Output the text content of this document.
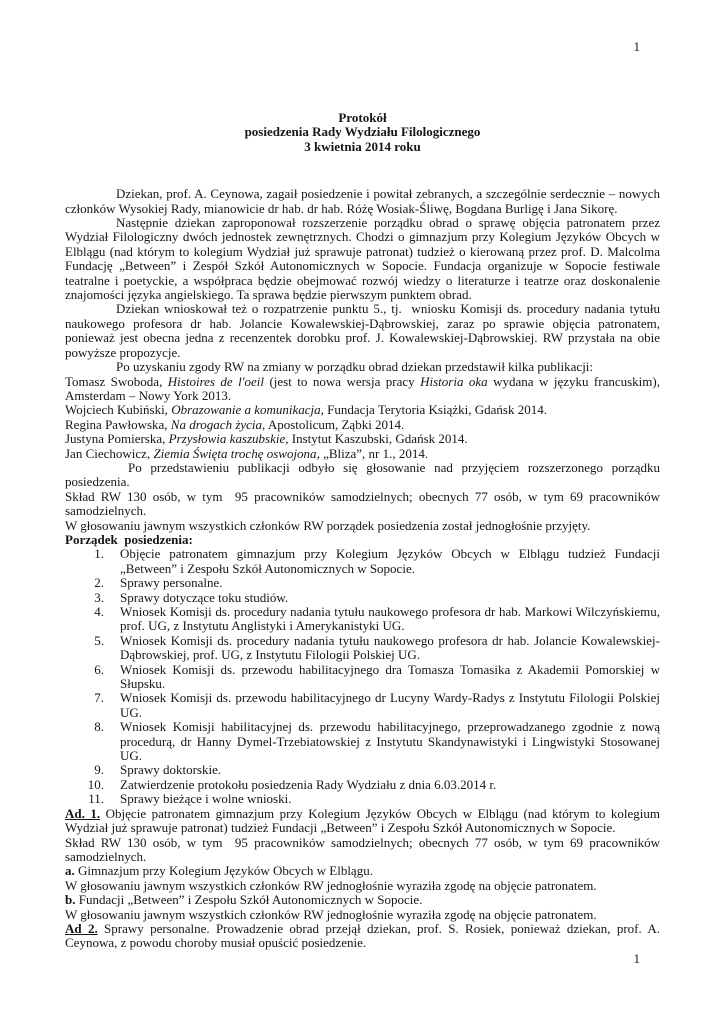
1
Protokół
posiedzenia Rady Wydziału Filologicznego
3 kwietnia 2014 roku

Dziekan, prof. A. Ceynowa, zagaił posiedzenie i powitał zebranych, a szczególnie serdecznie – nowych członków Wysokiej Rady, mianowicie dr hab. dr hab. Różę Wosiak-Śliwę, Bogdana Burligę i Jana Sikorę.

Następnie dziekan zaproponował rozszerzenie porządku obrad o sprawę objęcia patronatem przez Wydział Filologiczny dwóch jednostek zewnętrznych. Chodzi o gimnazjum przy Kolegium Języków Obcych w Elblągu (nad którym to kolegium Wydział już sprawuje patronat) tudzież o kierowaną przez prof. D. Malcolma Fundację „Between” i Zespół Szkół Autonomicznych w Sopocie. Fundacja organizuje w Sopocie festiwale teatralne i poetyckie, a współpraca będzie obejmować rozwój wiedzy o literaturze i teatrze oraz doskonalenie znajomości języka angielskiego. Ta sprawa będzie pierwszym punktem obrad.

Dziekan wnioskował też o rozpatrzenie punktu 5., tj.  wniosku Komisji ds. procedury nadania tytułu naukowego profesora dr hab. Jolancie Kowalewskiej-Dąbrowskiej, zaraz po sprawie objęcia patronatem, ponieważ jest obecna jedna z recenzentek dorobku prof. J. Kowalewskiej-Dąbrowskiej. RW przystała na obie powyższe propozycje.

Po uzyskaniu zgody RW na zmiany w porządku obrad dziekan przedstawił kilka publikacji:

Tomasz Swoboda, Histoires de l'oeil (jest to nowa wersja pracy Historia oka wydana w języku francuskim), Amsterdam – Nowy York 2013.

Wojciech Kubiński, Obrazowanie a komunikacja, Fundacja Terytoria Książki, Gdańsk 2014.

Regina Pawłowska, Na drogach życia, Apostolicum, Ząbki 2014.

Justyna Pomierska, Przysłowia kaszubskie, Instytut Kaszubski, Gdańsk 2014.

Jan Ciechowicz, Ziemia Święta trochę oswojona, „Bliza”, nr 1., 2014.

Po przedstawieniu publikacji odbyło się głosowanie nad przyjęciem rozszerzonego porządku posiedzenia.

Skład RW 130 osób, w tym  95 pracowników samodzielnych; obecnych 77 osób, w tym 69 pracowników samodzielnych.

W głosowaniu jawnym wszystkich członków RW porządek posiedzenia został jednogłośnie przyjęty.

Porządek  posiedzenia:

1.	Objęcie patronatem gimnazjum przy Kolegium Języków Obcych w Elblągu tudzież Fundacji „Between” i Zespołu Szkół Autonomicznych w Sopocie.
2.	Sprawy personalne.
3.	Sprawy dotyczące toku studiów.
4.	Wniosek Komisji ds. procedury nadania tytułu naukowego profesora dr hab. Markowi Wilczyńskiemu, prof. UG, z Instytutu Anglistyki i Amerykanistyki UG.
5.	Wniosek Komisji ds. procedury nadania tytułu naukowego profesora dr hab. Jolancie Kowalewskiej-Dąbrowskiej, prof. UG, z Instytutu Filologii Polskiej UG.
6.	Wniosek Komisji ds. przewodu habilitacyjnego dra Tomasza Tomasika z Akademii Pomorskiej w Słupsku.
7.	Wniosek Komisji ds. przewodu habilitacyjnego dr Lucyny Wardy-Radys z Instytutu Filologii Polskiej UG.
8.	Wniosek Komisji habilitacyjnej ds. przewodu habilitacyjnego, przeprowadzanego zgodnie z nową procedurą, dr Hanny Dymel-Trzebiatowskiej z Instytutu Skandynawistyki i Lingwistyki Stosowanej UG.
9.	Sprawy doktorskie.
10.	Zatwierdzenie protokołu posiedzenia Rady Wydziału z dnia 6.03.2014 r.
11.	Sprawy bieżące i wolne wnioski.

Ad. 1. Objęcie patronatem gimnazjum przy Kolegium Języków Obcych w Elblągu (nad którym to kolegium Wydział już sprawuje patronat) tudzież Fundacji „Between” i Zespołu Szkół Autonomicznych w Sopocie.

Skład RW 130 osób, w tym  95 pracowników samodzielnych; obecnych 77 osób, w tym 69 pracowników samodzielnych.

a. Gimnazjum przy Kolegium Języków Obcych w Elblągu.

W głosowaniu jawnym wszystkich członków RW jednogłośnie wyraziła zgodę na objęcie patronatem.

b. Fundacji „Between” i Zespołu Szkół Autonomicznych w Sopocie.

W głosowaniu jawnym wszystkich członków RW jednogłośnie wyraziła zgodę na objęcie patronatem.

Ad 2. Sprawy personalne. Prowadzenie obrad przejął dziekan, prof. S. Rosiek, ponieważ dziekan, prof. A. Ceynowa, z powodu choroby musiał opuścić posiedzenie.

1
